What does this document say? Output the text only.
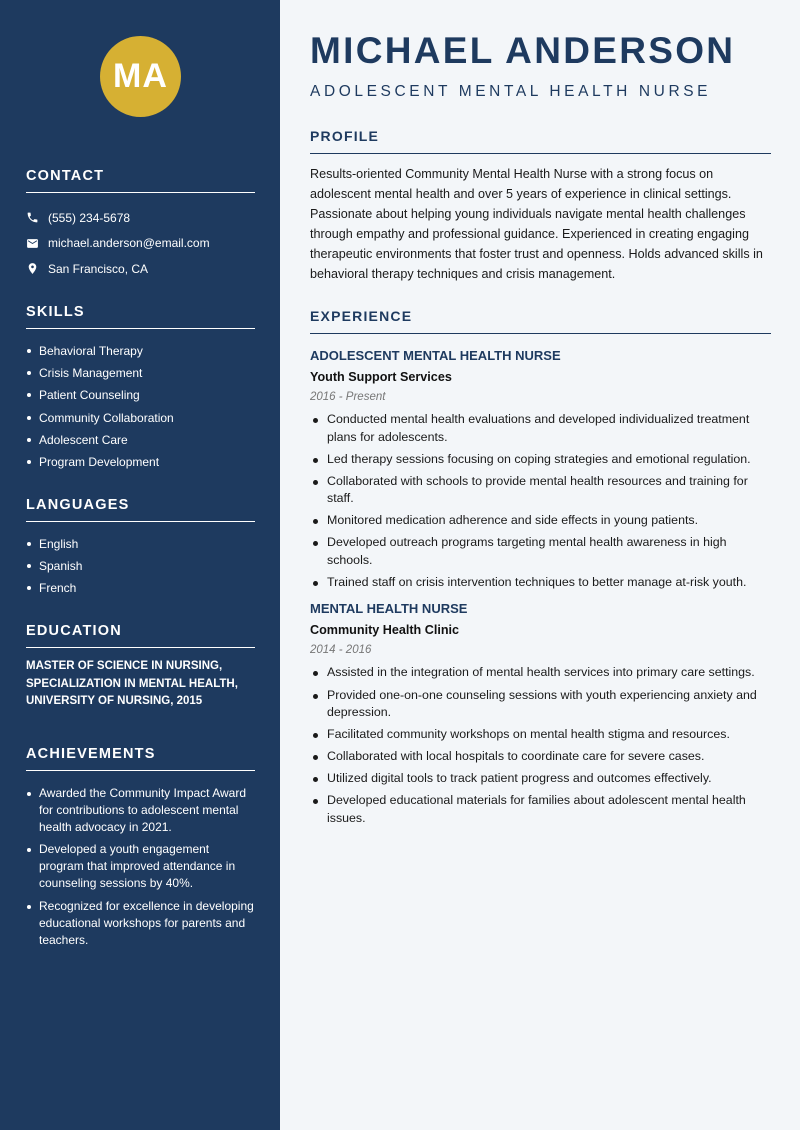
MA
CONTACT
(555) 234-5678
michael.anderson@email.com
San Francisco, CA
SKILLS
Behavioral Therapy
Crisis Management
Patient Counseling
Community Collaboration
Adolescent Care
Program Development
LANGUAGES
English
Spanish
French
EDUCATION
MASTER OF SCIENCE IN NURSING, SPECIALIZATION IN MENTAL HEALTH, UNIVERSITY OF NURSING, 2015
ACHIEVEMENTS
Awarded the Community Impact Award for contributions to adolescent mental health advocacy in 2021.
Developed a youth engagement program that improved attendance in counseling sessions by 40%.
Recognized for excellence in developing educational workshops for parents and teachers.
MICHAEL ANDERSON
ADOLESCENT MENTAL HEALTH NURSE
PROFILE
Results-oriented Community Mental Health Nurse with a strong focus on adolescent mental health and over 5 years of experience in clinical settings. Passionate about helping young individuals navigate mental health challenges through empathy and professional guidance. Experienced in creating engaging therapeutic environments that foster trust and openness. Holds advanced skills in behavioral therapy techniques and crisis management.
EXPERIENCE
ADOLESCENT MENTAL HEALTH NURSE
Youth Support Services
2016 - Present
Conducted mental health evaluations and developed individualized treatment plans for adolescents.
Led therapy sessions focusing on coping strategies and emotional regulation.
Collaborated with schools to provide mental health resources and training for staff.
Monitored medication adherence and side effects in young patients.
Developed outreach programs targeting mental health awareness in high schools.
Trained staff on crisis intervention techniques to better manage at-risk youth.
MENTAL HEALTH NURSE
Community Health Clinic
2014 - 2016
Assisted in the integration of mental health services into primary care settings.
Provided one-on-one counseling sessions with youth experiencing anxiety and depression.
Facilitated community workshops on mental health stigma and resources.
Collaborated with local hospitals to coordinate care for severe cases.
Utilized digital tools to track patient progress and outcomes effectively.
Developed educational materials for families about adolescent mental health issues.
